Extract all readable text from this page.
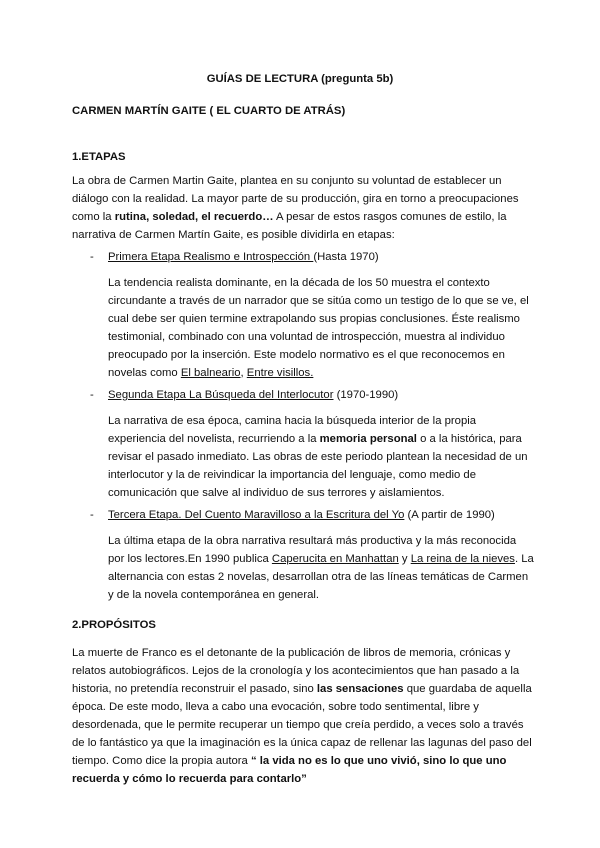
GUÍAS DE LECTURA (pregunta 5b)
CARMEN MARTÍN GAITE ( EL CUARTO DE ATRÁS)
1.ETAPAS
La obra de Carmen Martin Gaite, plantea en su conjunto su voluntad de establecer un
diálogo con la realidad. La mayor parte de su producción, gira en torno a preocupaciones
como la rutina, soledad, el recuerdo… A pesar de estos rasgos comunes de estilo, la
narrativa de Carmen Martín Gaite, es posible dividirla en etapas:
- Primera Etapa Realismo e Introspección (Hasta 1970)
La tendencia realista dominante, en la década de los 50 muestra el contexto
circundante a través de un narrador que se sitúa como un testigo de lo que se ve, el
cual debe ser quien termine extrapolando sus propias conclusiones. Éste realismo
testimonial, combinado con una voluntad de introspección, muestra al individuo
preocupado por la inserción. Este modelo normativo es el que reconocemos en
novelas como El balneario, Entre visillos.
- Segunda Etapa La Búsqueda del Interlocutor (1970-1990)
La narrativa de esa época, camina hacia la búsqueda interior de la propia
experiencia del novelista, recurriendo a la memoria personal o a la histórica, para
revisar el pasado inmediato. Las obras de este periodo plantean la necesidad de un
interlocutor y la de reivindicar la importancia del lenguaje, como medio de
comunicación que salve al individuo de sus terrores y aislamientos.
- Tercera Etapa. Del Cuento Maravilloso a la Escritura del Yo (A partir de 1990)
La última etapa de la obra narrativa resultará más productiva y la más reconocida
por los lectores.En 1990 publica Caperucita en Manhattan y La reina de la nieves. La
alternancia con estas 2 novelas, desarrollan otra de las líneas temáticas de Carmen
y de la novela contemporánea en general.
2.PROPÓSITOS
La muerte de Franco es el detonante de la publicación de libros de memoria, crónicas y
relatos autobiográficos. Lejos de la cronología y los acontecimientos que han pasado a la
historia, no pretendía reconstruir el pasado, sino las sensaciones que guardaba de aquella
época. De este modo, lleva a cabo una evocación, sobre todo sentimental, libre y
desordenada, que le permite recuperar un tiempo que creía perdido, a veces solo a través
de lo fantástico ya que la imaginación es la única capaz de rellenar las lagunas del paso del
tiempo. Como dice la propia autora “ la vida no es lo que uno vivió, sino lo que uno
recuerda y cómo lo recuerda para contarlo”
